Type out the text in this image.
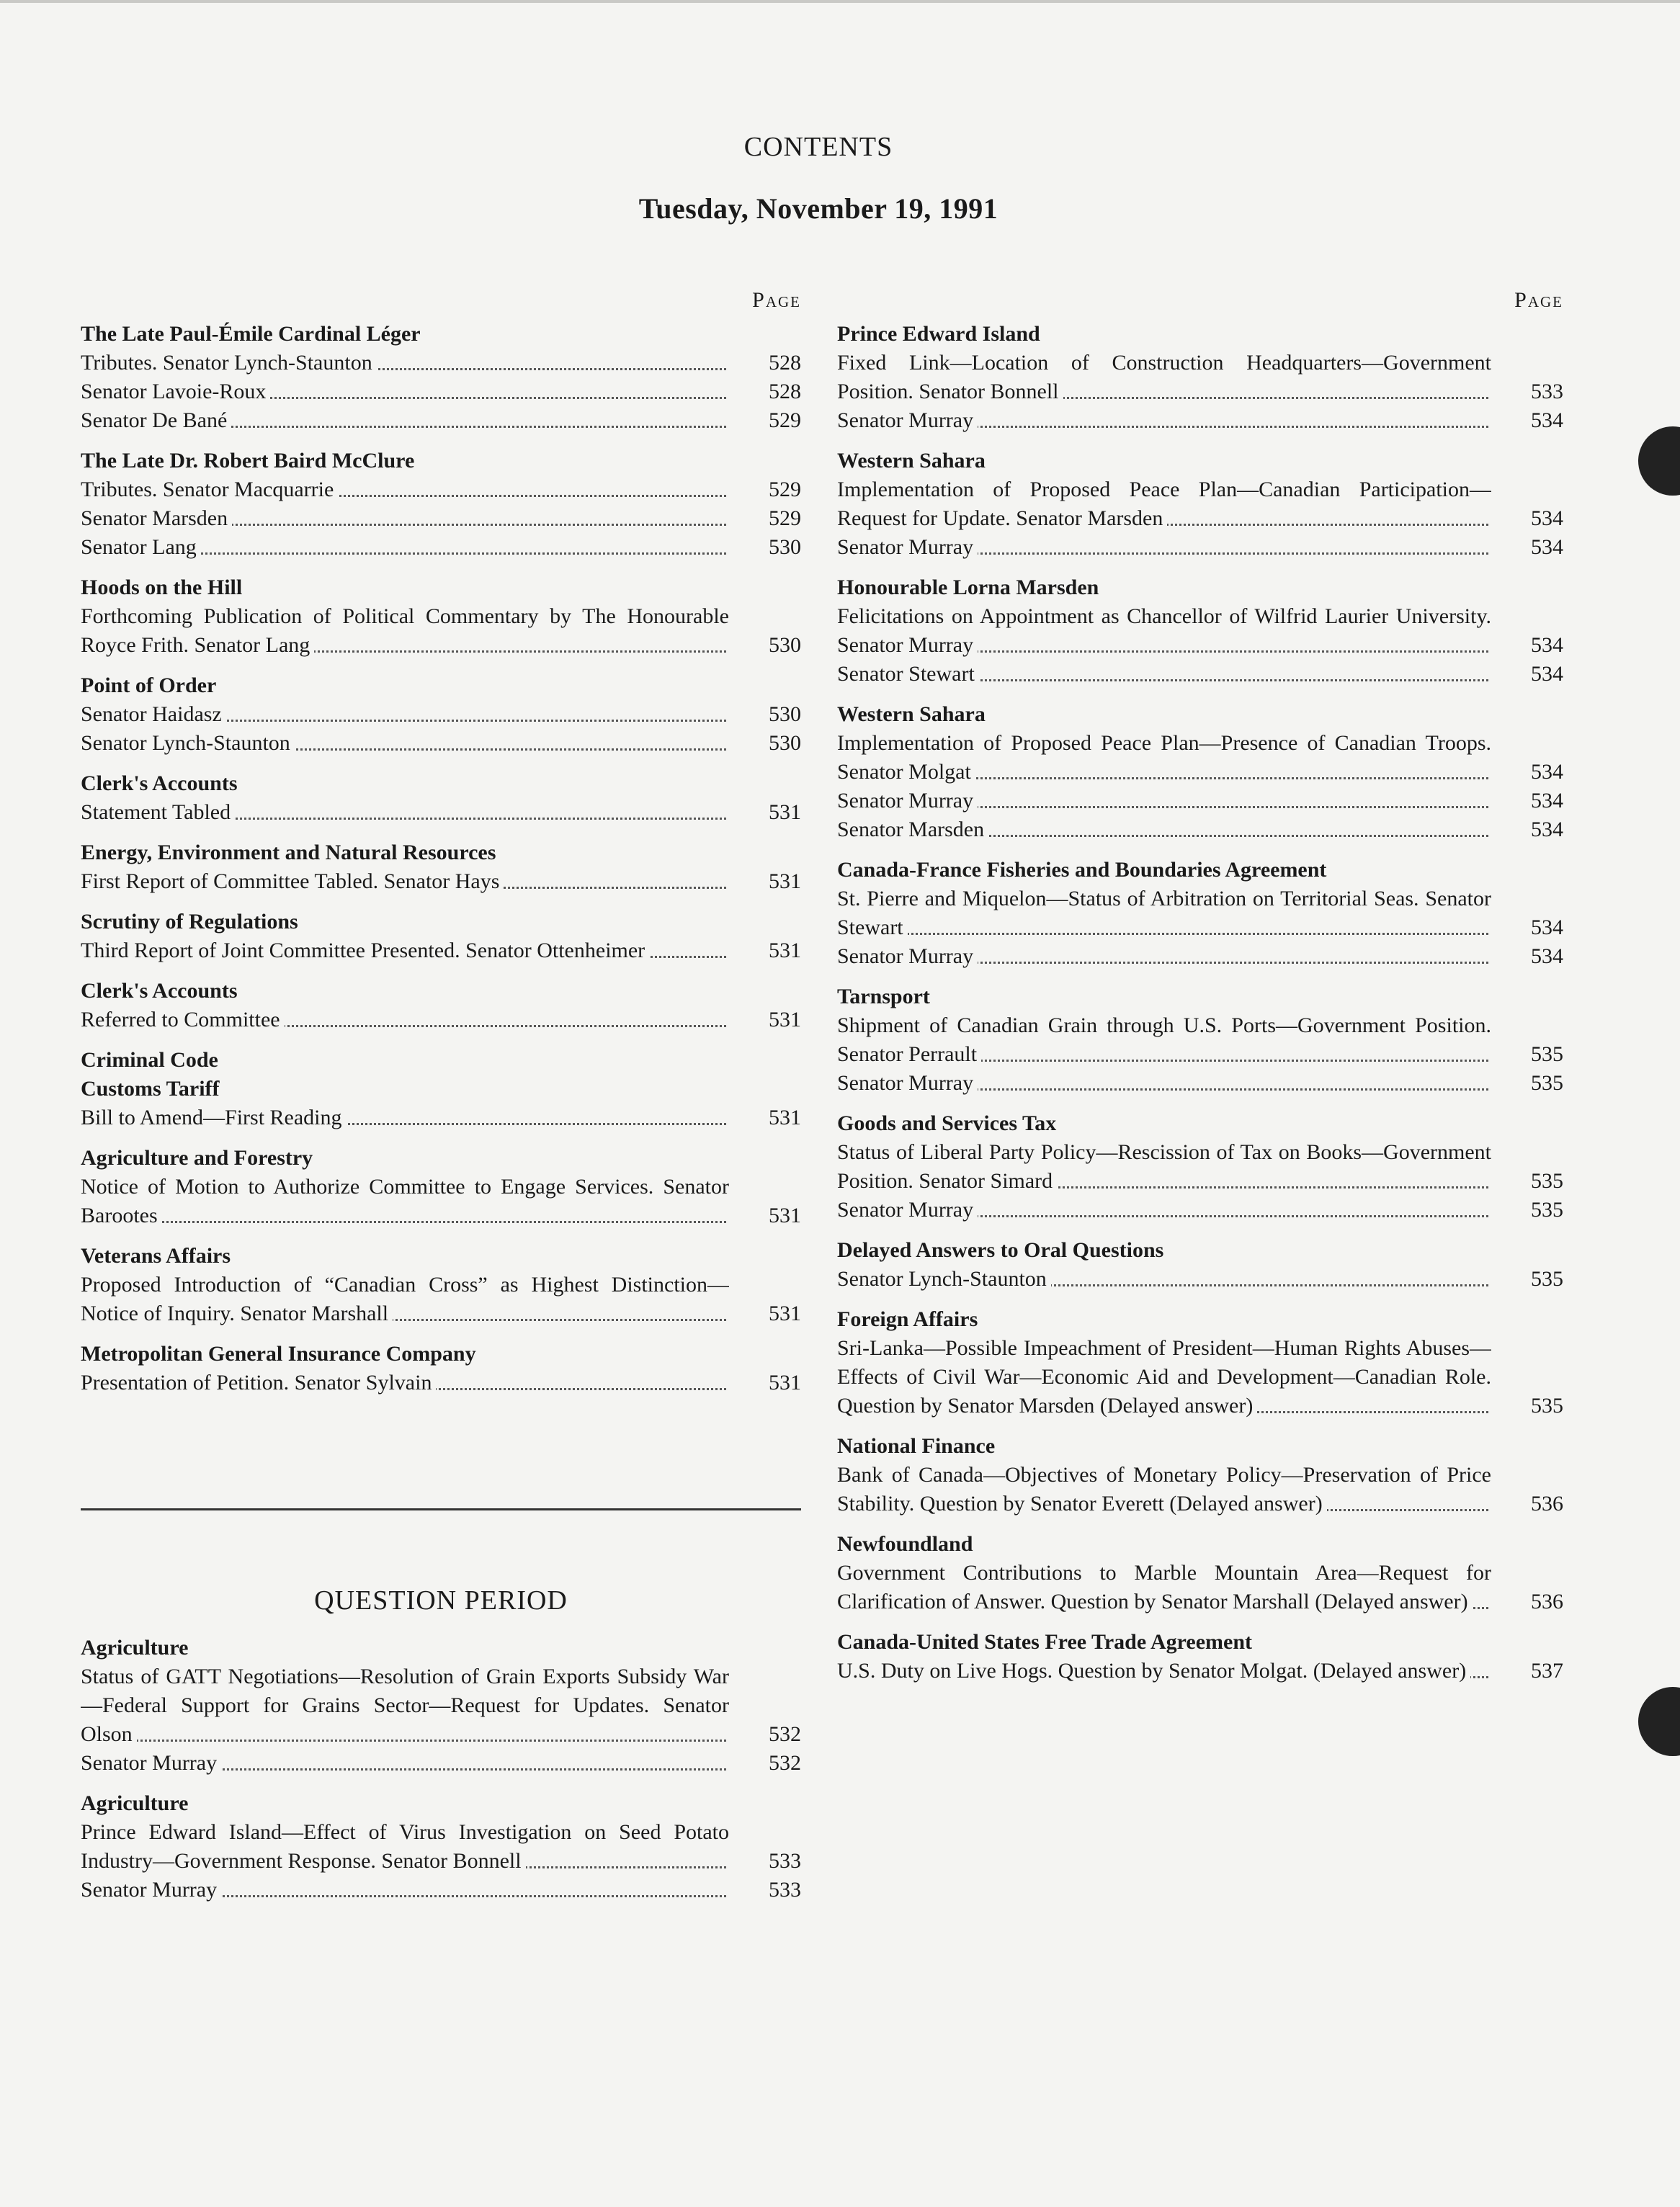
CONTENTS
Tuesday, November 19, 1991
Page
The Late Paul-Émile Cardinal Léger
Tributes. Senator Lynch-Staunton	528
Senator Lavoie-Roux	528
Senator De Bané	529
The Late Dr. Robert Baird McClure
Tributes. Senator Macquarrie	529
Senator Marsden	529
Senator Lang	530
Hoods on the Hill
Forthcoming Publication of Political Commentary by The Honourable Royce Frith. Senator Lang	530
Point of Order
Senator Haidasz	530
Senator Lynch-Staunton	530
Clerk's Accounts
Statement Tabled	531
Energy, Environment and Natural Resources
First Report of Committee Tabled. Senator Hays	531
Scrutiny of Regulations
Third Report of Joint Committee Presented. Senator Ottenheimer	531
Clerk's Accounts
Referred to Committee	531
Criminal Code
Customs Tariff
Bill to Amend—First Reading	531
Agriculture and Forestry
Notice of Motion to Authorize Committee to Engage Services. Senator Barootes	531
Veterans Affairs
Proposed Introduction of “Canadian Cross” as Highest Distinction—Notice of Inquiry. Senator Marshall	531
Metropolitan General Insurance Company
Presentation of Petition. Senator Sylvain	531
QUESTION PERIOD
Agriculture
Status of GATT Negotiations—Resolution of Grain Exports Subsidy War—Federal Support for Grains Sector—Request for Updates. Senator Olson	532
Senator Murray	532
Agriculture
Prince Edward Island—Effect of Virus Investigation on Seed Potato Industry—Government Response. Senator Bonnell	533
Senator Murray	533
Page
Prince Edward Island
Fixed Link—Location of Construction Headquarters—Government Position. Senator Bonnell	533
Senator Murray	534
Western Sahara
Implementation of Proposed Peace Plan—Canadian Participation—Request for Update. Senator Marsden	534
Senator Murray	534
Honourable Lorna Marsden
Felicitations on Appointment as Chancellor of Wilfrid Laurier University. Senator Murray	534
Senator Stewart	534
Western Sahara
Implementation of Proposed Peace Plan—Presence of Canadian Troops. Senator Molgat	534
Senator Murray	534
Senator Marsden	534
Canada-France Fisheries and Boundaries Agreement
St. Pierre and Miquelon—Status of Arbitration on Territorial Seas. Senator Stewart	534
Senator Murray	534
Tarnsport
Shipment of Canadian Grain through U.S. Ports—Government Position. Senator Perrault	535
Senator Murray	535
Goods and Services Tax
Status of Liberal Party Policy—Rescission of Tax on Books—Government Position. Senator Simard	535
Senator Murray	535
Delayed Answers to Oral Questions
Senator Lynch-Staunton	535
Foreign Affairs
Sri-Lanka—Possible Impeachment of President—Human Rights Abuses—Effects of Civil War—Economic Aid and Development—Canadian Role. Question by Senator Marsden (Delayed answer)	535
National Finance
Bank of Canada—Objectives of Monetary Policy—Preservation of Price Stability. Question by Senator Everett (Delayed answer)	536
Newfoundland
Government Contributions to Marble Mountain Area—Request for Clarification of Answer. Question by Senator Marshall (Delayed answer)	536
Canada-United States Free Trade Agreement
U.S. Duty on Live Hogs. Question by Senator Molgat. (Delayed answer)	537
